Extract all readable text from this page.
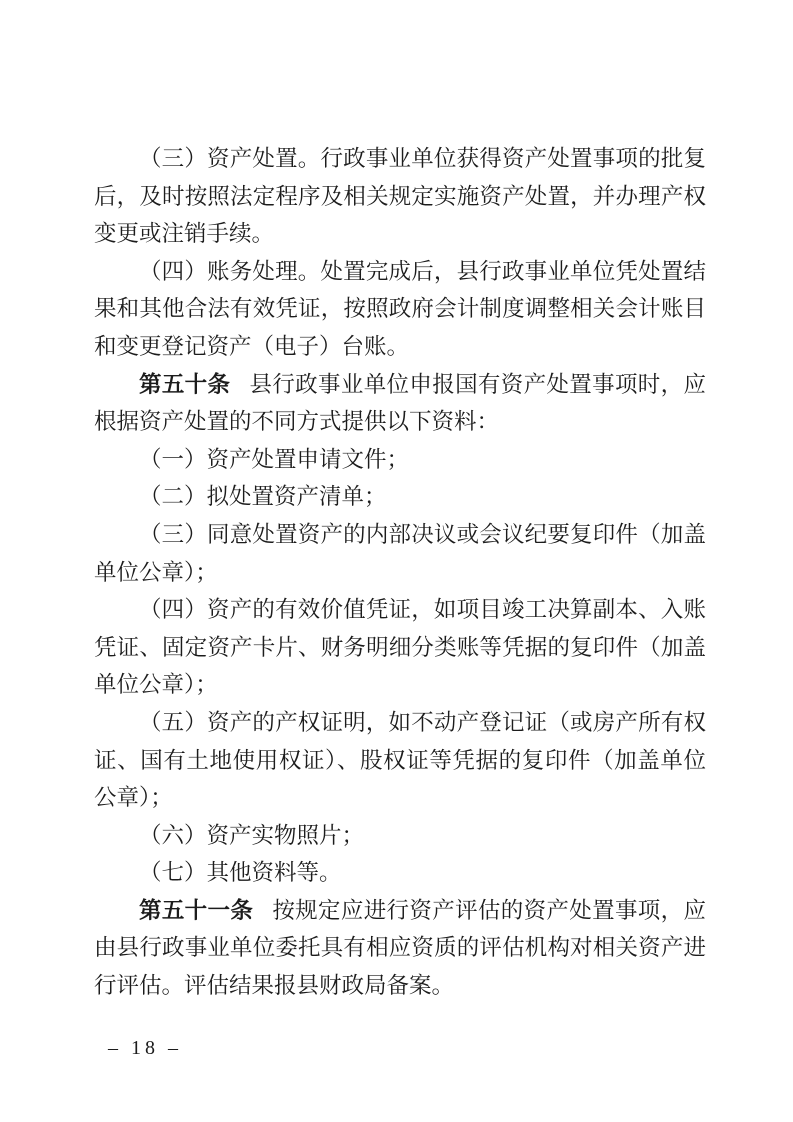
（三）资产处置。行政事业单位获得资产处置事项的批复后，及时按照法定程序及相关规定实施资产处置，并办理产权变更或注销手续。

（四）账务处理。处置完成后，县行政事业单位凭处置结果和其他合法有效凭证，按照政府会计制度调整相关会计账目和变更登记资产（电子）台账。

第五十条 县行政事业单位申报国有资产处置事项时，应根据资产处置的不同方式提供以下资料：

（一）资产处置申请文件；

（二）拟处置资产清单；

（三）同意处置资产的内部决议或会议纪要复印件（加盖单位公章）；

（四）资产的有效价值凭证，如项目竣工决算副本、入账凭证、固定资产卡片、财务明细分类账等凭据的复印件（加盖单位公章）；

（五）资产的产权证明，如不动产登记证（或房产所有权证、国有土地使用权证）、股权证等凭据的复印件（加盖单位公章）；

（六）资产实物照片；

（七）其他资料等。

第五十一条 按规定应进行资产评估的资产处置事项，应由县行政事业单位委托具有相应资质的评估机构对相关资产进行评估。评估结果报县财政局备案。

– 18 –
